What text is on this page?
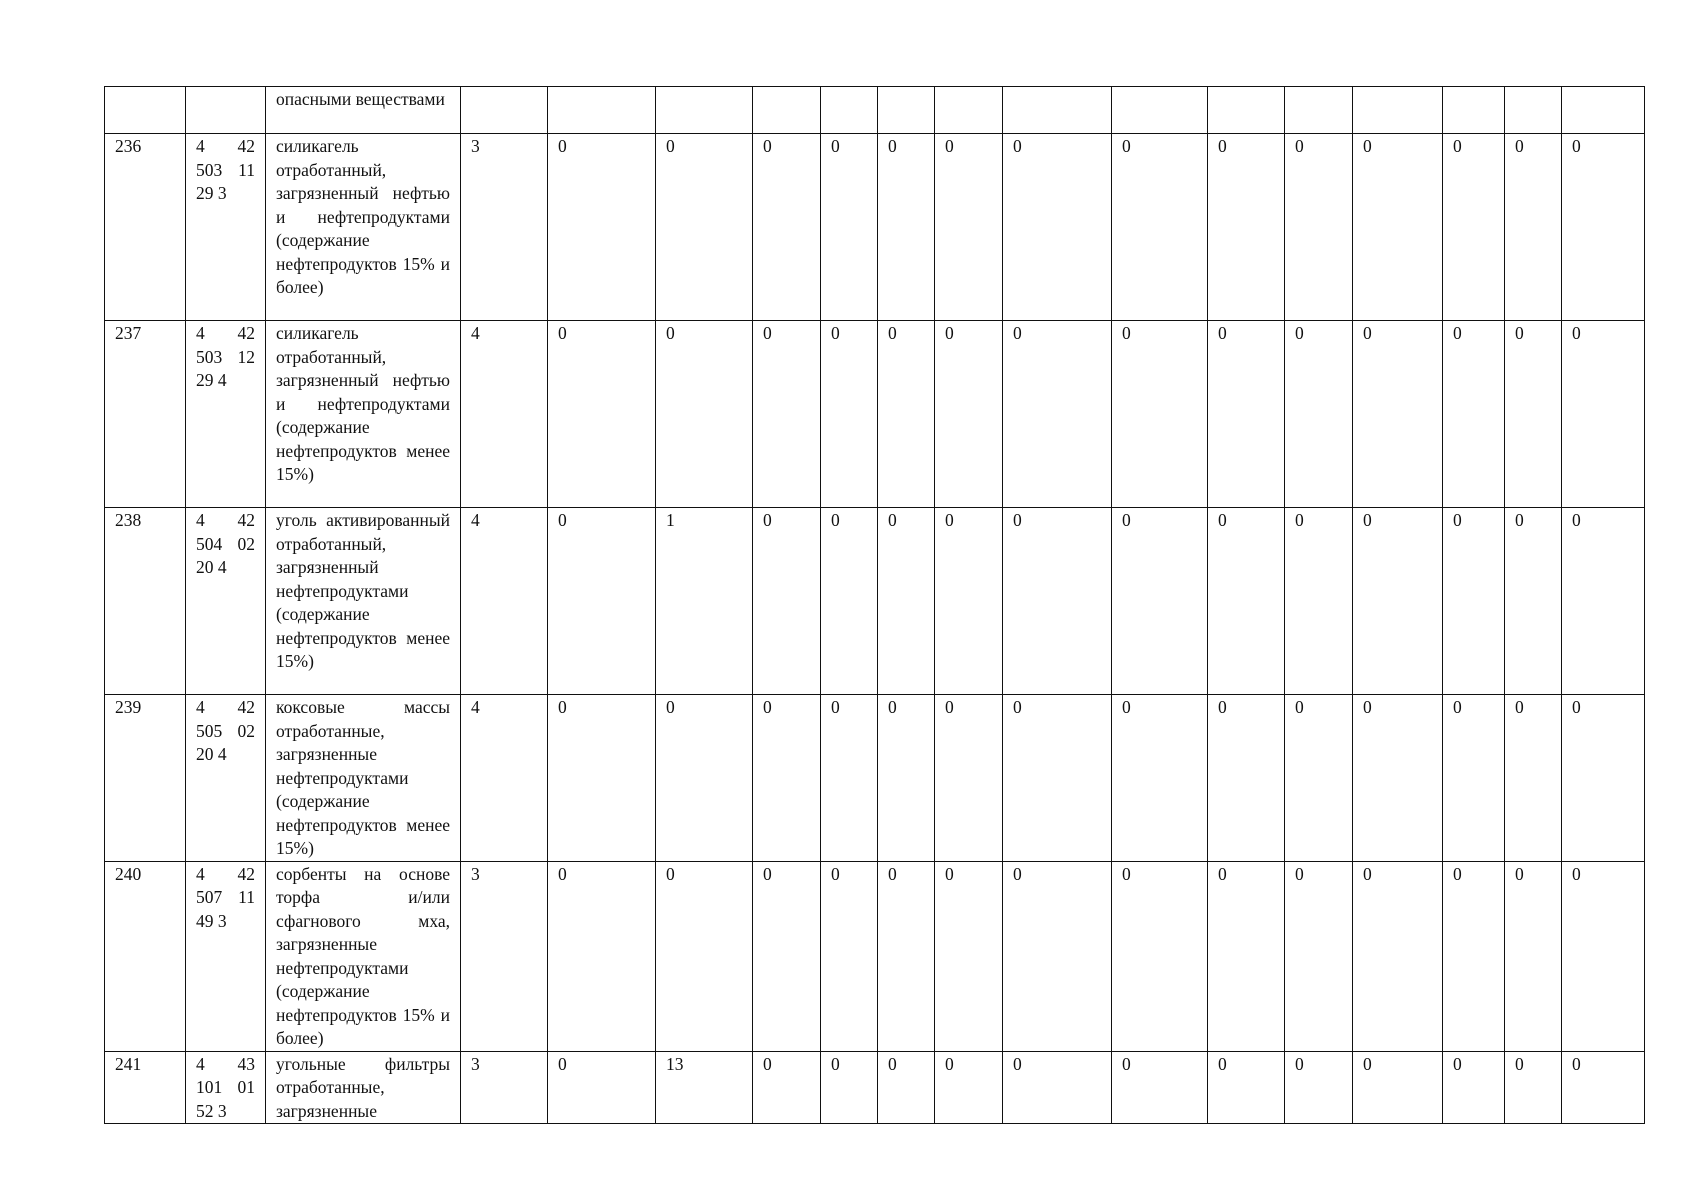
		опасными веществами															
236	4 42 503 11 29 3	силикагель отработанный, загрязненный нефтью и нефтепродуктами (содержание нефтепродуктов 15% и более)	3	0	0	0	0	0	0	0	0	0	0	0	0	0	0
237	4 42 503 12 29 4	силикагель отработанный, загрязненный нефтью и нефтепродуктами (содержание нефтепродуктов менее 15%)	4	0	0	0	0	0	0	0	0	0	0	0	0	0	0
238	4 42 504 02 20 4	уголь активированный отработанный, загрязненный нефтепродуктами (содержание нефтепродуктов менее 15%)	4	0	1	0	0	0	0	0	0	0	0	0	0	0	0
239	4 42 505 02 20 4	коксовые массы отработанные, загрязненные нефтепродуктами (содержание нефтепродуктов менее 15%)	4	0	0	0	0	0	0	0	0	0	0	0	0	0	0
240	4 42 507 11 49 3	сорбенты на основе торфа и/или сфагнового мха, загрязненные нефтепродуктами (содержание нефтепродуктов 15% и более)	3	0	0	0	0	0	0	0	0	0	0	0	0	0	0
241	4 43 101 01 52 3	угольные фильтры отработанные, загрязненные	3	0	13	0	0	0	0	0	0	0	0	0	0	0	0
